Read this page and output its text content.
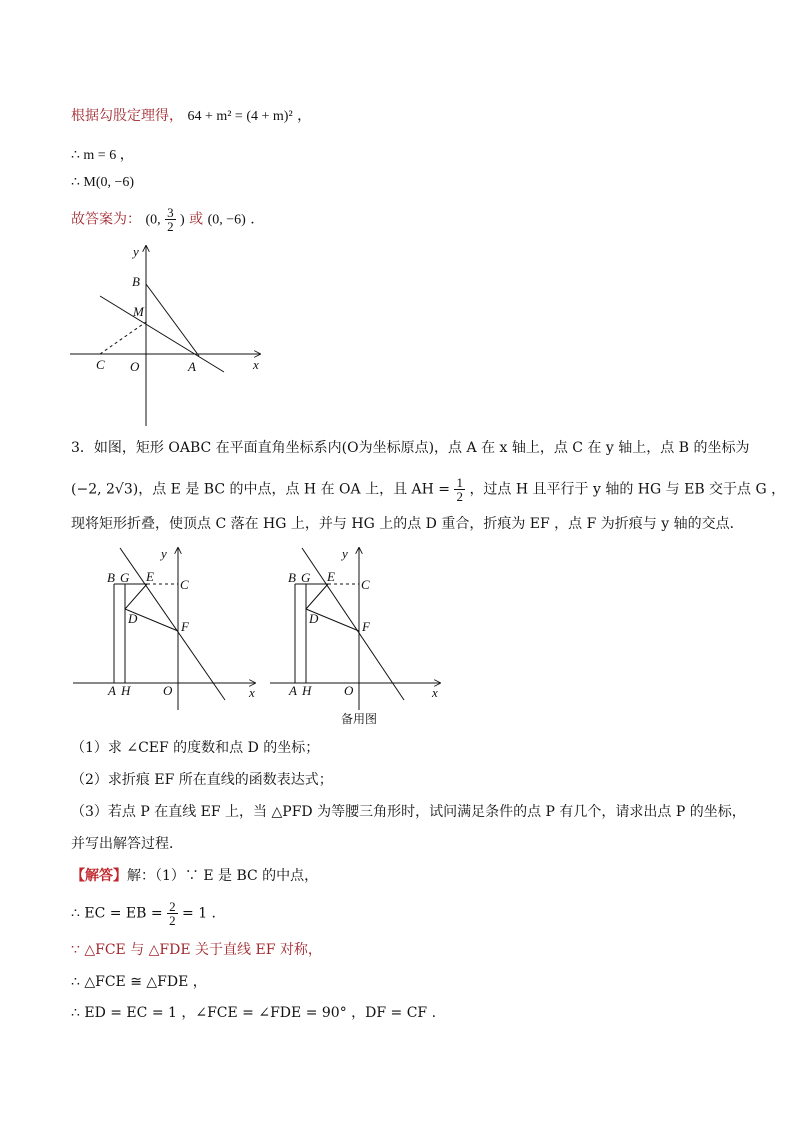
根据勾股定理得， 64 + m² = (4 + m)² ，
∴ m = 6 ，
∴ M(0, −6)
故答案为： (0, $\frac{3}{2}$ ) 或 (0, −6) .
y
x
B
M
C O	A
3．如图，矩形 OABC 在平面直角坐标系内(O为坐标原点)，点 A 在 x 轴上，点 C 在 y 轴上，点 B 的坐标为
(−2, 2√3)，点 E 是 BC 的中点，点 H 在 OA 上，且 AH = $\frac{1}{2}$ ，过点 H 且平行于 y 轴的 HG 与 EB 交于点 G ，
现将矩形折叠，使顶点 C 落在 HG 上，并与 HG 上的点 D 重合，折痕为 EF ，点 F 为折痕与 y 轴的交点．
B G E
C
y
D
F
A H	O	x
B G E
C
y
D
F
A H	O	x
备用图
（1）求 ∠CEF 的度数和点 D 的坐标；
（2）求折痕 EF 所在直线的函数表达式；
（3）若点 P 在直线 EF 上，当 △PFD 为等腰三角形时，试问满足条件的点 P 有几个，请求出点 P 的坐标，
并写出解答过程．
【解答】解：（1）∵ E 是 BC 的中点，
∴ EC = EB = $\frac{2}{2} = 1$ .
∵ △FCE 与 △FDE 关于直线 EF 对称，
∴ △FCE ≅ △FDE ，
∴ ED = EC = 1 ，∠FCE = ∠FDE = 90° ，DF = CF .
